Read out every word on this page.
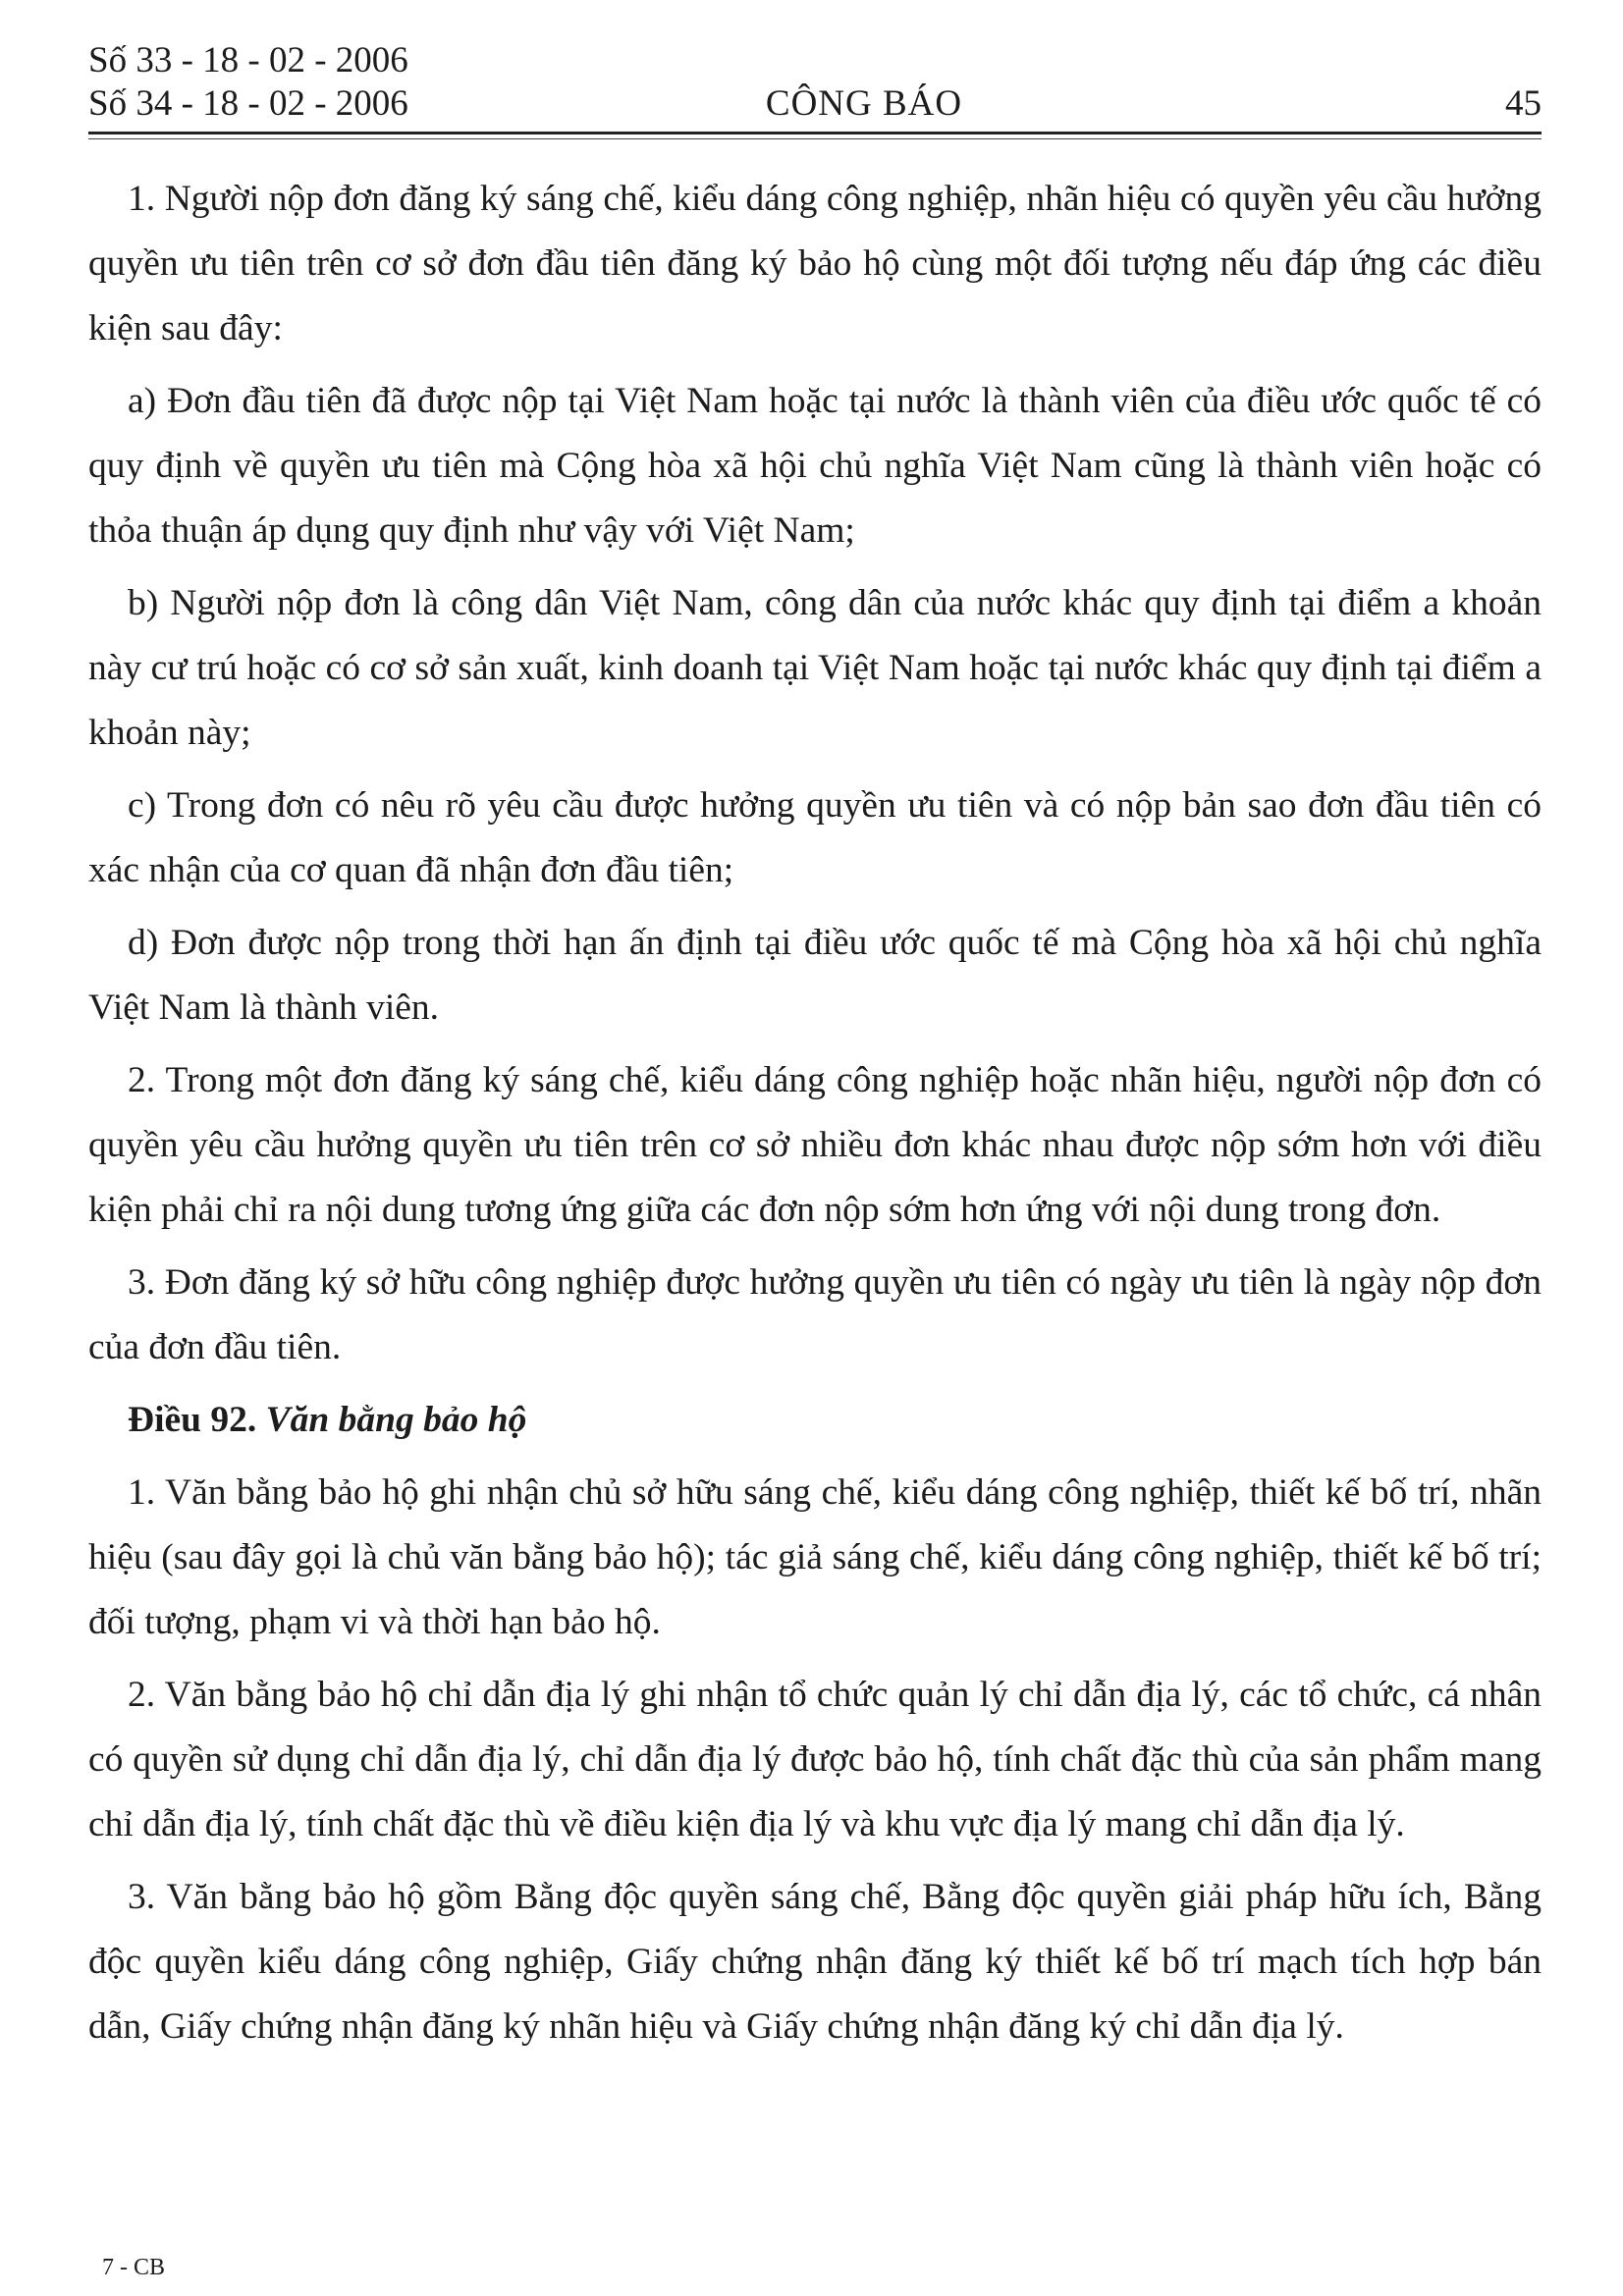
Số 33 - 18 - 02 - 2006
Số 34 - 18 - 02 - 2006	CÔNG BÁO	45

1. Người nộp đơn đăng ký sáng chế, kiểu dáng công nghiệp, nhãn hiệu có quyền yêu cầu hưởng quyền ưu tiên trên cơ sở đơn đầu tiên đăng ký bảo hộ cùng một đối tượng nếu đáp ứng các điều kiện sau đây:

a) Đơn đầu tiên đã được nộp tại Việt Nam hoặc tại nước là thành viên của điều ước quốc tế có quy định về quyền ưu tiên mà Cộng hòa xã hội chủ nghĩa Việt Nam cũng là thành viên hoặc có thỏa thuận áp dụng quy định như vậy với Việt Nam;

b) Người nộp đơn là công dân Việt Nam, công dân của nước khác quy định tại điểm a khoản này cư trú hoặc có cơ sở sản xuất, kinh doanh tại Việt Nam hoặc tại nước khác quy định tại điểm a khoản này;

c) Trong đơn có nêu rõ yêu cầu được hưởng quyền ưu tiên và có nộp bản sao đơn đầu tiên có xác nhận của cơ quan đã nhận đơn đầu tiên;

d) Đơn được nộp trong thời hạn ấn định tại điều ước quốc tế mà Cộng hòa xã hội chủ nghĩa Việt Nam là thành viên.

2. Trong một đơn đăng ký sáng chế, kiểu dáng công nghiệp hoặc nhãn hiệu, người nộp đơn có quyền yêu cầu hưởng quyền ưu tiên trên cơ sở nhiều đơn khác nhau được nộp sớm hơn với điều kiện phải chỉ ra nội dung tương ứng giữa các đơn nộp sớm hơn ứng với nội dung trong đơn.

3. Đơn đăng ký sở hữu công nghiệp được hưởng quyền ưu tiên có ngày ưu tiên là ngày nộp đơn của đơn đầu tiên.

Điều 92. Văn bằng bảo hộ

1. Văn bằng bảo hộ ghi nhận chủ sở hữu sáng chế, kiểu dáng công nghiệp, thiết kế bố trí, nhãn hiệu (sau đây gọi là chủ văn bằng bảo hộ); tác giả sáng chế, kiểu dáng công nghiệp, thiết kế bố trí; đối tượng, phạm vi và thời hạn bảo hộ.

2. Văn bằng bảo hộ chỉ dẫn địa lý ghi nhận tổ chức quản lý chỉ dẫn địa lý, các tổ chức, cá nhân có quyền sử dụng chỉ dẫn địa lý, chỉ dẫn địa lý được bảo hộ, tính chất đặc thù của sản phẩm mang chỉ dẫn địa lý, tính chất đặc thù về điều kiện địa lý và khu vực địa lý mang chỉ dẫn địa lý.

3. Văn bằng bảo hộ gồm Bằng độc quyền sáng chế, Bằng độc quyền giải pháp hữu ích, Bằng độc quyền kiểu dáng công nghiệp, Giấy chứng nhận đăng ký thiết kế bố trí mạch tích hợp bán dẫn, Giấy chứng nhận đăng ký nhãn hiệu và Giấy chứng nhận đăng ký chỉ dẫn địa lý.

7 - CB
